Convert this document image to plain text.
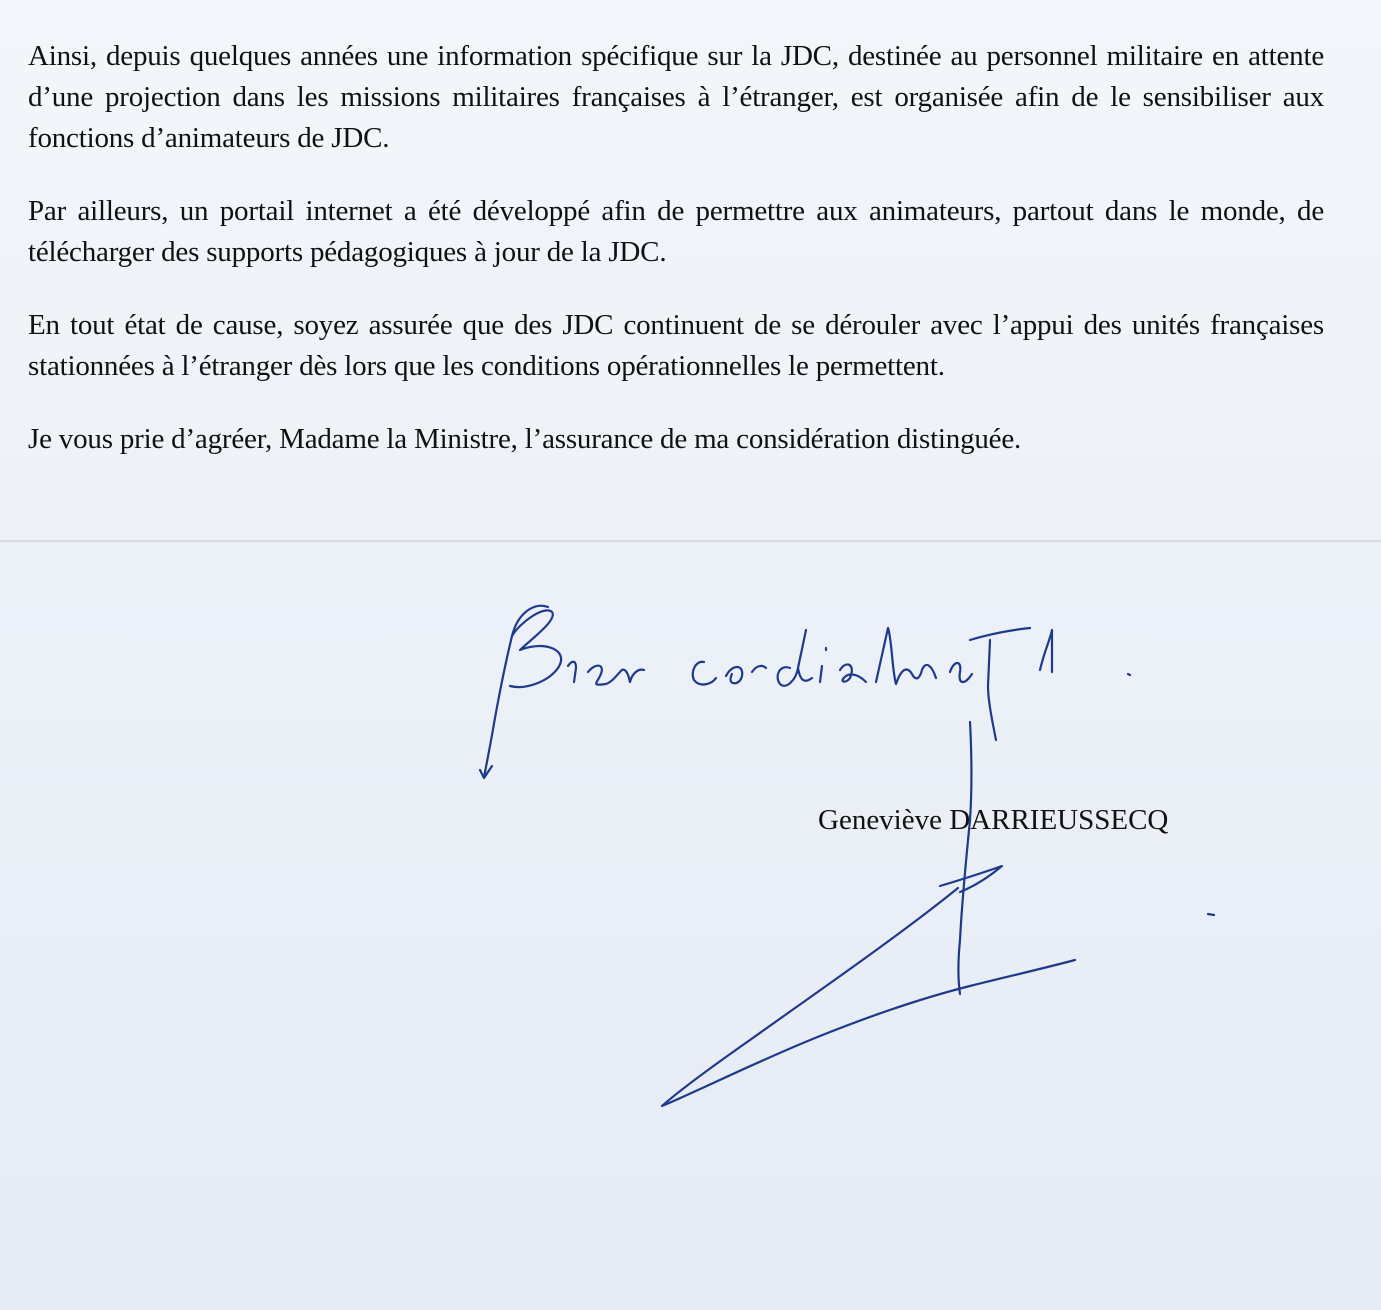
Ainsi, depuis quelques années une information spécifique sur la JDC, destinée au personnel militaire en attente d’une projection dans les missions militaires françaises à l’étranger, est organisée afin de le sensibiliser aux fonctions d’animateurs de JDC.

Par ailleurs, un portail internet a été développé afin de permettre aux animateurs, partout dans le monde, de télécharger des supports pédagogiques à jour de la JDC.

En tout état de cause, soyez assurée que des JDC continuent de se dérouler avec l’appui des unités françaises stationnées à l’étranger dès lors que les conditions opérationnelles le permettent.

Je vous prie d’agréer, Madame la Ministre, l’assurance de ma considération distinguée.

Geneviève DARRIEUSSECQ
